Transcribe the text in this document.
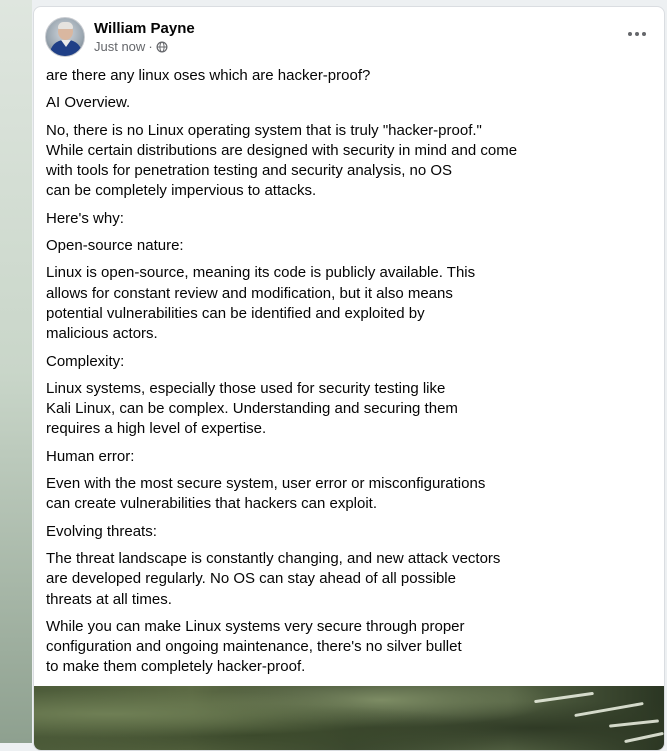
William Payne
Just now ·

are there any linux oses which are hacker-proof?

AI Overview.

No, there is no Linux operating system that is truly "hacker-proof."
While certain distributions are designed with security in mind and come
with tools for penetration testing and security analysis, no OS
can be completely impervious to attacks.

Here's why:

Open-source nature:

Linux is open-source, meaning its code is publicly available. This
allows for constant review and modification, but it also means
potential vulnerabilities can be identified and exploited by
malicious actors.

Complexity:

Linux systems, especially those used for security testing like
Kali Linux, can be complex. Understanding and securing them
requires a high level of expertise.

Human error:

Even with the most secure system, user error or misconfigurations
can create vulnerabilities that hackers can exploit.

Evolving threats:

The threat landscape is constantly changing, and new attack vectors
are developed regularly. No OS can stay ahead of all possible
threats at all times.

While you can make Linux systems very secure through proper
configuration and ongoing maintenance, there's no silver bullet
to make them completely hacker-proof.
